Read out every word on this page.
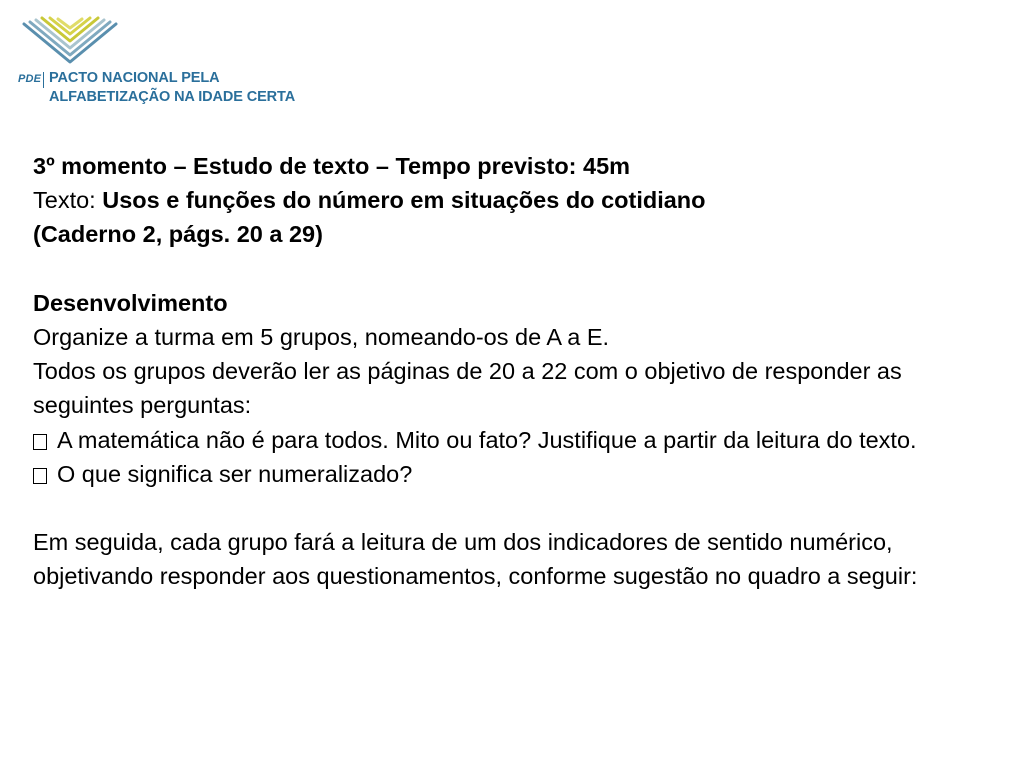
PDE PACTO NACIONAL PELA
ALFABETIZAÇÃO NA IDADE CERTA

3º momento – Estudo de texto – Tempo previsto: 45m

Texto: Usos e funções do número em situações do cotidiano

(Caderno 2, págs. 20 a 29)

Desenvolvimento

Organize a turma em 5 grupos, nomeando-os de A a E.

Todos os grupos deverão ler as páginas de 20 a 22 com o objetivo de responder as seguintes perguntas:

A matemática não é para todos. Mito ou fato? Justifique a partir da leitura do texto.

O que significa ser numeralizado?

Em seguida, cada grupo fará a leitura de um dos indicadores de sentido numérico, objetivando responder aos questionamentos, conforme sugestão no quadro a seguir:
